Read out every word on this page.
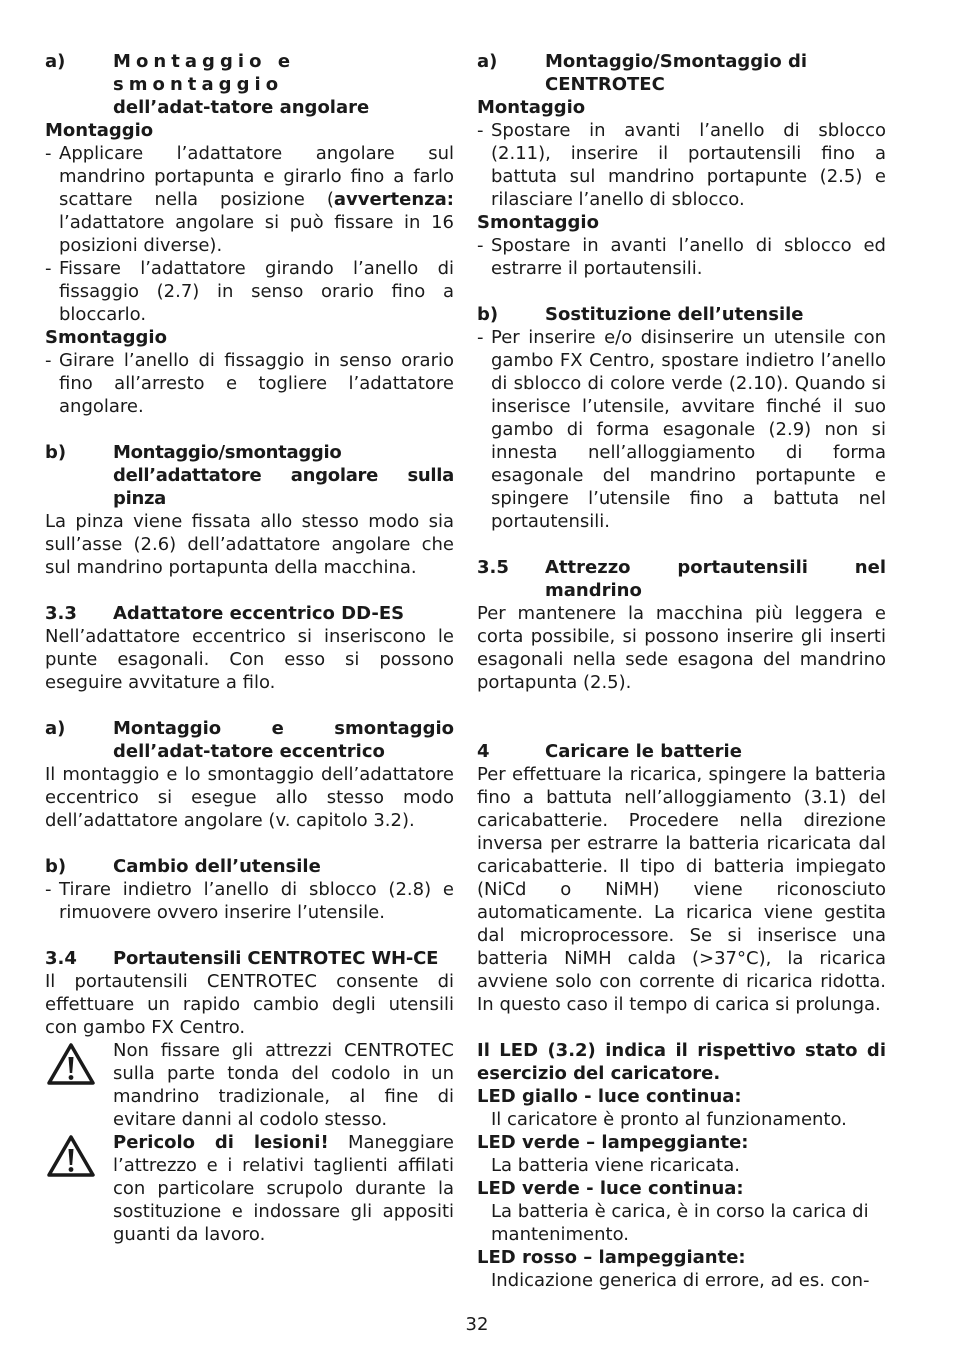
a)	Montaggio e smontaggio
dell’adat-tatore angolare
Montaggio
- Applicare l’adattatore angolare sul mandrino portapunta e girarlo fino a farlo scattare nella posizione (avvertenza: l’adattatore angolare si può fissare in 16 posizioni diverse).
- Fissare l’adattatore girando l’anello di fissaggio (2.7) in senso orario fino a bloccarlo.
Smontaggio
- Girare l’anello di fissaggio in senso orario fino all’arresto e togliere l’adattatore angolare.
b)	Montaggio/smontaggio dell’adattatore angolare sulla pinza

La pinza viene fissata allo stesso modo sia sull’asse (2.6) dell’adattatore angolare che sul mandrino portapunta della macchina.

3.3	Adattatore eccentrico DD-ES

Nell’adattatore eccentrico si inseriscono le punte esagonali. Con esso si possono eseguire avvitature a filo.

a)	Montaggio e smontaggio dell’adat-tatore eccentrico

Il montaggio e lo smontaggio dell’adattatore eccentrico si esegue allo stesso modo dell’adattatore angolare (v. capitolo 3.2).

b)	Cambio dell’utensile
- Tirare indietro l’anello di sblocco (2.8) e rimuovere ovvero inserire l’utensile.
3.4	Portautensili CENTROTEC WH-CE

Il portautensili CENTROTEC consente di effettuare un rapido cambio degli utensili con gambo FX Centro.

Non fissare gli attrezzi CENTROTEC sulla parte tonda del codolo in un mandrino tradizionale, al fine di evitare danni al codolo stesso.
Pericolo di lesioni! Maneggiare l’attrezzo e i relativi taglienti affilati con particolare scrupolo durante la sostituzione e indossare gli appositi guanti da lavoro.
a)	Montaggio/Smontaggio di CENTROTEC
Montaggio
- Spostare in avanti l’anello di sblocco (2.11), inserire il portautensili fino a battuta sul mandrino portapunte (2.5) e rilasciare l’anello di sblocco.
Smontaggio
- Spostare in avanti l’anello di sblocco ed estrarre il portautensili.
b)	Sostituzione dell’utensile
- Per inserire e/o disinserire un utensile con gambo FX Centro, spostare indietro l’anello di sblocco di colore verde (2.10). Quando si inserisce l’utensile, avvitare finché il suo gambo di forma esagonale (2.9) non si innesta nell’alloggiamento di forma esagonale del mandrino portapunte e spingere l’utensile fino a battuta nel portautensili.
3.5	Attrezzo portautensili nel mandrino

Per mantenere la macchina più leggera e corta possibile, si possono inserire gli inserti esagonali nella sede esagona del mandrino portapunta (2.5).

4	Caricare le batterie

Per effettuare la ricarica, spingere la batteria fino a battuta nell’alloggiamento (3.1) del caricabatterie. Procedere nella direzione inversa per estrarre la batteria ricaricata dal caricabatterie. Il tipo di batteria impiegato (NiCd o NiMH) viene riconosciuto automaticamente. La ricarica viene gestita dal microprocessore. Se si inserisce una batteria NiMH calda (>37°C), la ricarica avviene solo con corrente di ricarica ridotta. In questo caso il tempo di carica si prolunga.

Il LED (3.2) indica il rispettivo stato di esercizio del caricatore.

LED giallo - luce continua:
Il caricatore è pronto al funzionamento.
LED verde – lampeggiante:
La batteria viene ricaricata.
LED verde - luce continua:
La batteria è carica, è in corso la carica di mantenimento.
LED rosso – lampeggiante:
Indicazione generica di errore, ad es. con-
32
